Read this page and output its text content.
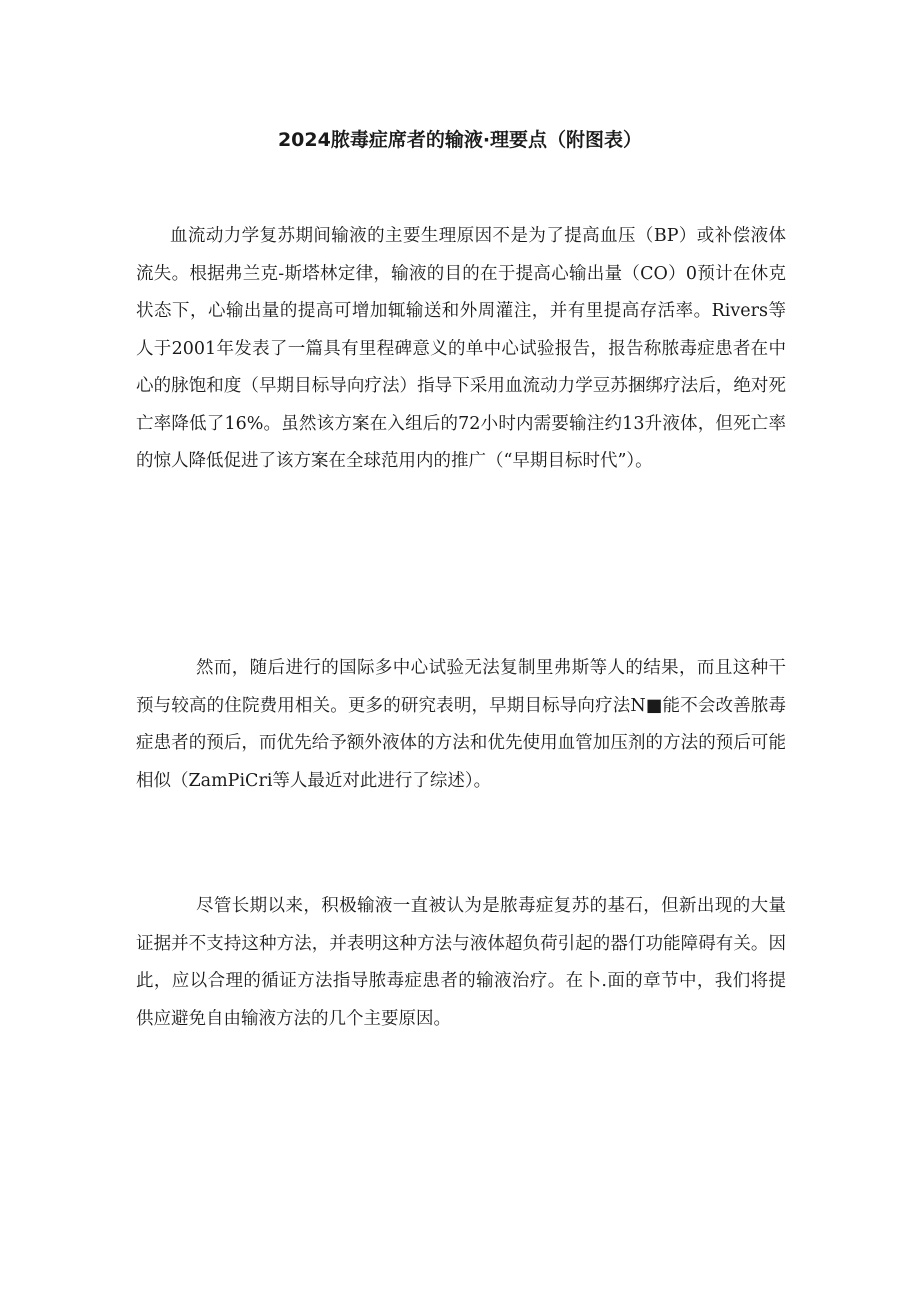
2024脓毒症席者的输液·理要点（附图表）

血流动力学复苏期间输液的主要生理原因不是为了提高血压（BP）或补偿液体流失。根据弗兰克-斯塔林定律，输液的目的在于提高心输出量（CO）0预计在休克状态下，心输出量的提高可增加辄输送和外周灌注，并有里提高存活率。Rivers等人于2001年发表了一篇具有里程碑意义的单中心试验报告，报告称脓毒症患者在中心的脉饱和度（早期目标导向疗法）指导下采用血流动力学豆苏捆绑疗法后，绝对死亡率降低了16%。虽然该方案在入组后的72小时内需要输注约13升液体，但死亡率的惊人降低促进了该方案在全球范用内的推广（“早期目标时代”）。

然而，随后进行的国际多中心试验无法复制里弗斯等人的结果，而且这种干预与较高的住院费用相关。更多的研究表明，早期目标导向疗法N■能不会改善脓毒症患者的预后，而优先给予额外液体的方法和优先使用血管加压剂的方法的预后可能相似（ZamPiCri等人最近对此进行了综述）。

尽管长期以来，积极输液一直被认为是脓毒症复苏的基石，但新出现的大量证据并不支持这种方法，并表明这种方法与液体超负荷引起的器仃功能障碍有关。因此，应以合理的循证方法指导脓毒症患者的输液治疗。在卜.面的章节中，我们将提供应避免自由输液方法的几个主要原因。
